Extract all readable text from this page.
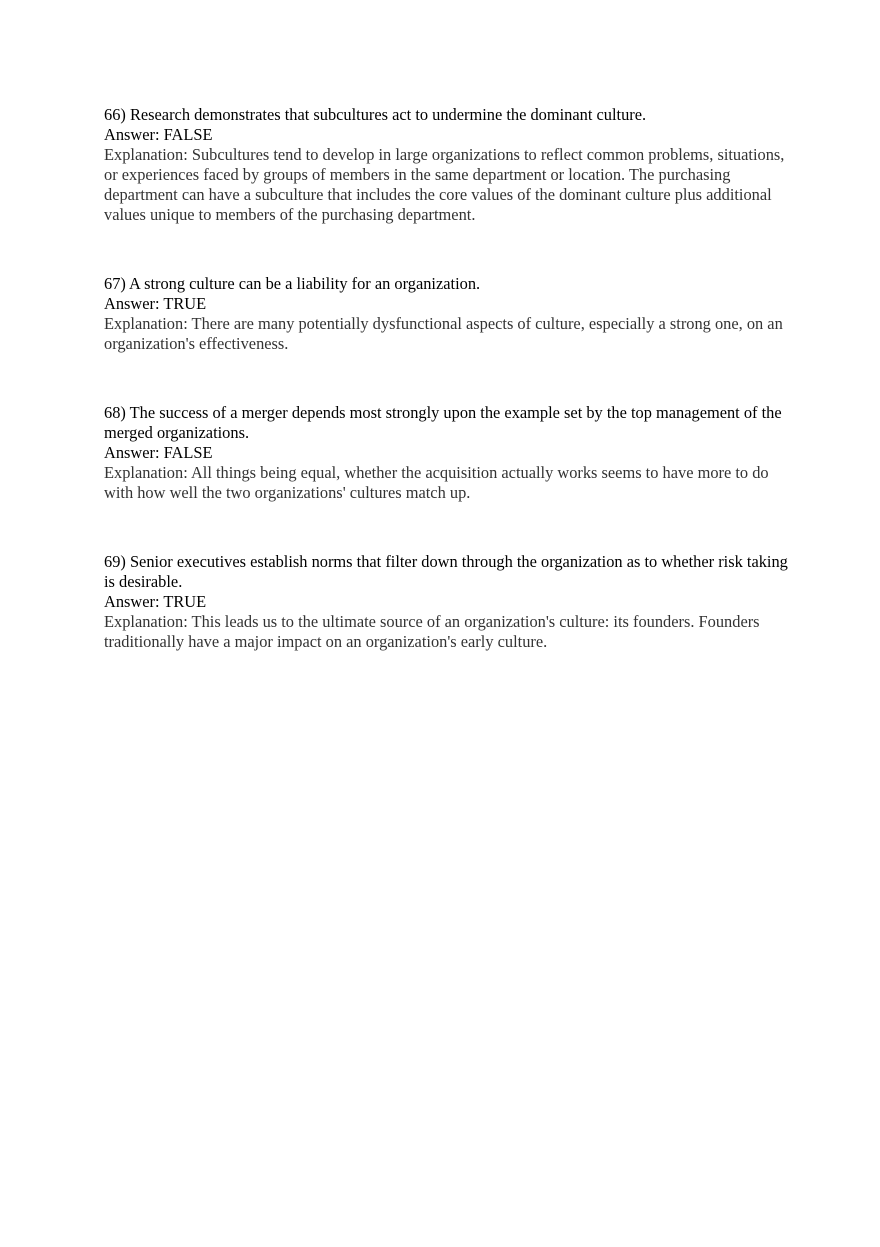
66) Research demonstrates that subcultures act to undermine the dominant culture.

Answer: FALSE

Explanation: Subcultures tend to develop in large organizations to reflect common problems, situations, or experiences faced by groups of members in the same department or location. The purchasing department can have a subculture that includes the core values of the dominant culture plus additional values unique to members of the purchasing department.

67) A strong culture can be a liability for an organization.

Answer: TRUE

Explanation: There are many potentially dysfunctional aspects of culture, especially a strong one, on an organization's effectiveness.

68) The success of a merger depends most strongly upon the example set by the top management of the merged organizations.

Answer: FALSE

Explanation: All things being equal, whether the acquisition actually works seems to have more to do with how well the two organizations' cultures match up.

69) Senior executives establish norms that filter down through the organization as to whether risk taking is desirable.

Answer: TRUE

Explanation: This leads us to the ultimate source of an organization's culture: its founders. Founders traditionally have a major impact on an organization's early culture.
